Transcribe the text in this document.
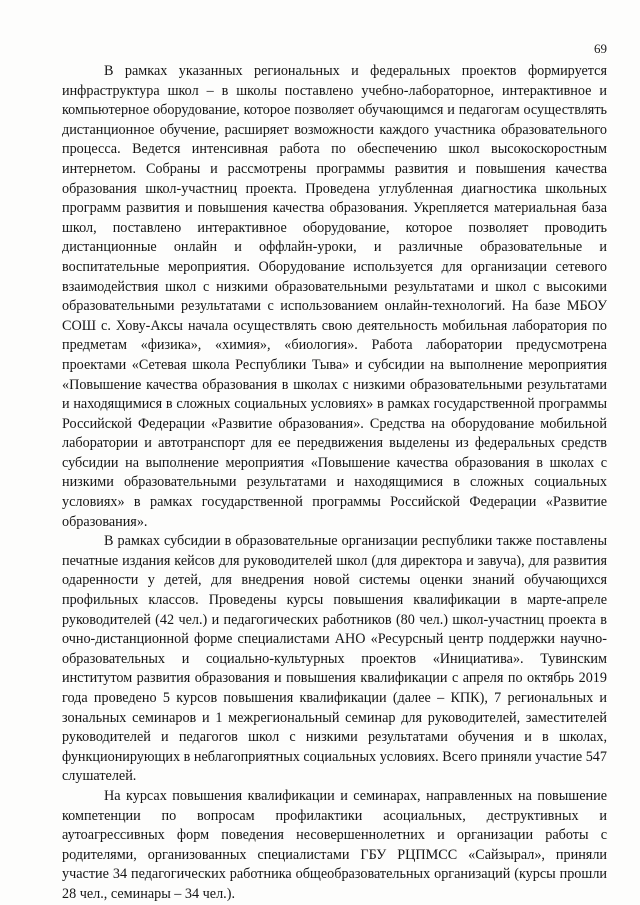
69

В рамках указанных региональных и федеральных проектов формируется инфраструктура школ – в школы поставлено учебно-лабораторное, интерактивное и компьютерное оборудование, которое позволяет обучающимся и педагогам осуществлять дистанционное обучение, расширяет возможности каждого участника образовательного процесса. Ведется интенсивная работа по обеспечению школ высокоскоростным интернетом. Собраны и рассмотрены программы развития и повышения качества образования школ-участниц проекта. Проведена углубленная диагностика школьных программ развития и повышения качества образования. Укрепляется материальная база школ, поставлено интерактивное оборудование, которое позволяет проводить дистанционные онлайн и оффлайн-уроки, и различные образовательные и воспитательные мероприятия. Оборудование используется для организации сетевого взаимодействия школ с низкими образовательными результатами и школ с высокими образовательными результатами с использованием онлайн-технологий. На базе МБОУ СОШ с. Хову-Аксы начала осуществлять свою деятельность мобильная лаборатория по предметам «физика», «химия», «биология». Работа лаборатории предусмотрена проектами «Сетевая школа Республики Тыва» и субсидии на выполнение мероприятия «Повышение качества образования в школах с низкими образовательными результатами и находящимися в сложных социальных условиях» в рамках государственной программы Российской Федерации «Развитие образования». Средства на оборудование мобильной лаборатории и автотранспорт для ее передвижения выделены из федеральных средств субсидии на выполнение мероприятия «Повышение качества образования в школах с низкими образовательными результатами и находящимися в сложных социальных условиях» в рамках государственной программы Российской Федерации «Развитие образования».

В рамках субсидии в образовательные организации республики также поставлены печатные издания кейсов для руководителей школ (для директора и завуча), для развития одаренности у детей, для внедрения новой системы оценки знаний обучающихся профильных классов. Проведены курсы повышения квалификации в марте-апреле руководителей (42 чел.) и педагогических работников (80 чел.) школ-участниц проекта в очно-дистанционной форме специалистами АНО «Ресурсный центр поддержки научно-образовательных и социально-культурных проектов «Инициатива». Тувинским институтом развития образования и повышения квалификации с апреля по октябрь 2019 года проведено 5 курсов повышения квалификации (далее – КПК), 7 региональных и зональных семинаров и 1 межрегиональный семинар для руководителей, заместителей руководителей и педагогов школ с низкими результатами обучения и в школах, функционирующих в неблагоприятных социальных условиях. Всего приняли участие 547 слушателей.

На курсах повышения квалификации и семинарах, направленных на повышение компетенции по вопросам профилактики асоциальных, деструктивных и аутоагрессивных форм поведения несовершеннолетних и организации работы с родителями, организованных специалистами ГБУ РЦПМСС «Сайзырал», приняли участие 34 педагогических работника общеобразовательных организаций (курсы прошли 28 чел., семинары – 34 чел.).
